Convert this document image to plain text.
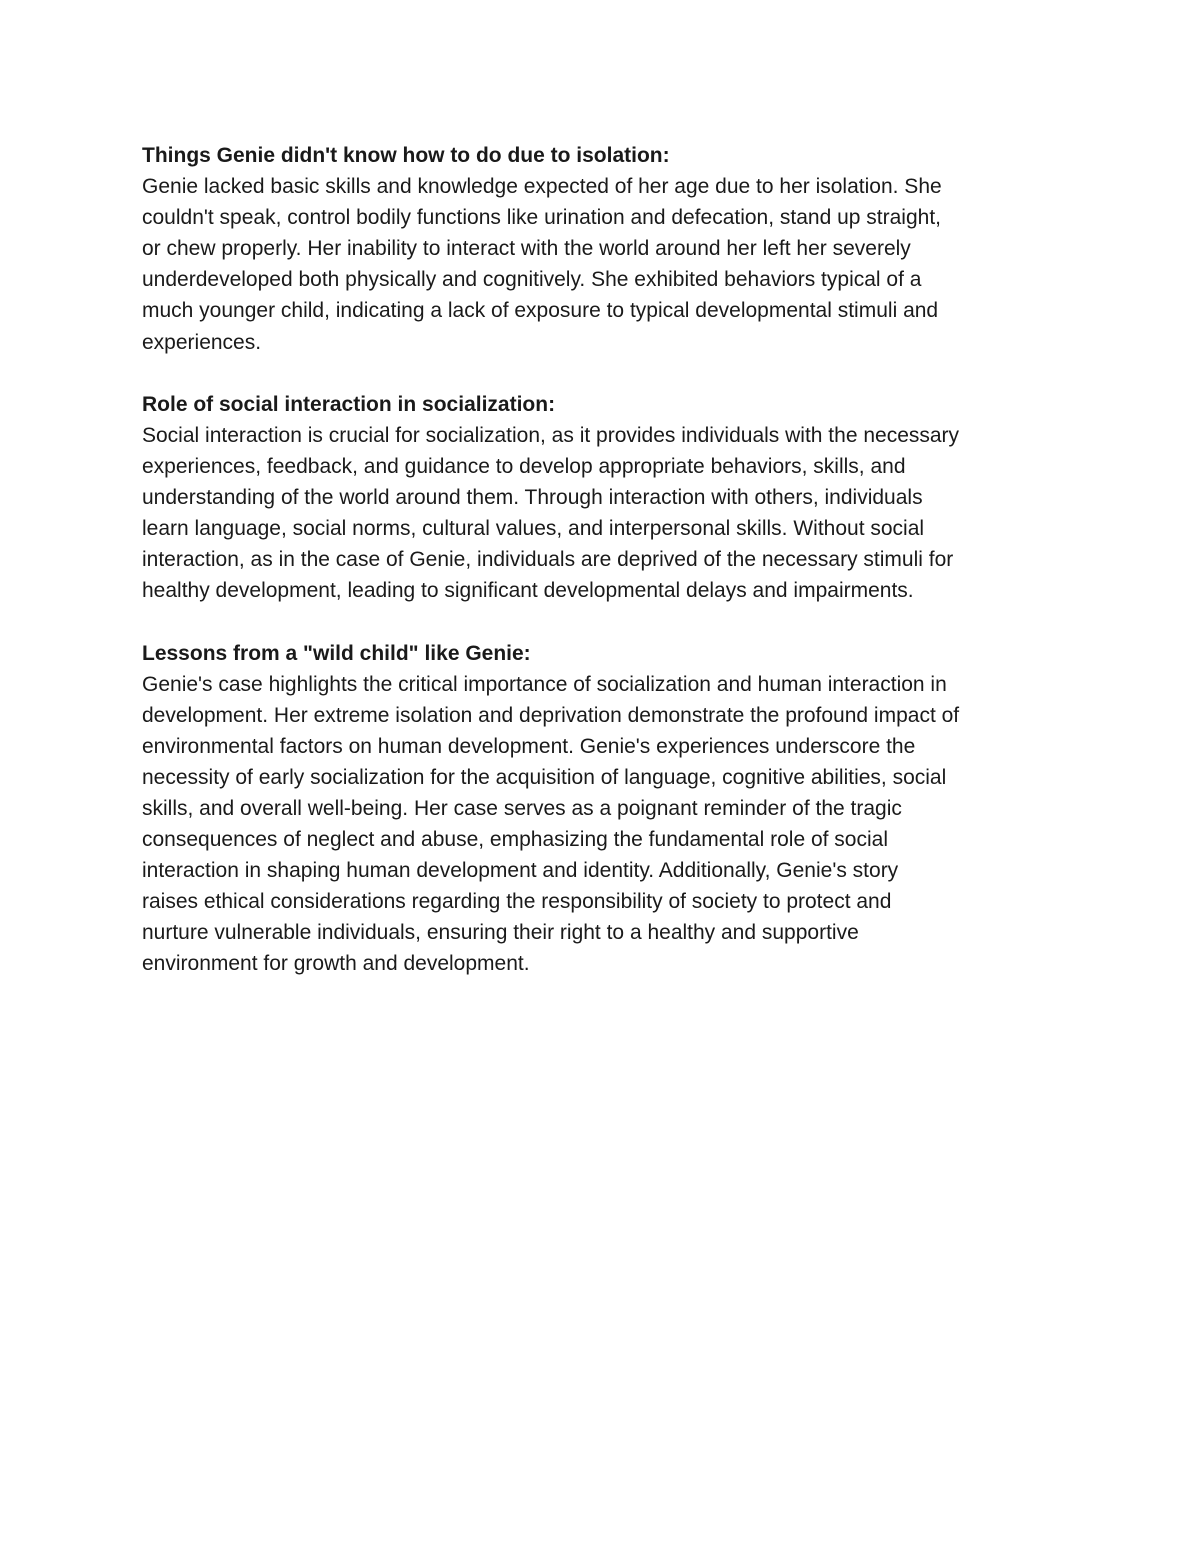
Things Genie didn't know how to do due to isolation:

Genie lacked basic skills and knowledge expected of her age due to her isolation. She
couldn't speak, control bodily functions like urination and defecation, stand up straight,
or chew properly. Her inability to interact with the world around her left her severely
underdeveloped both physically and cognitively. She exhibited behaviors typical of a
much younger child, indicating a lack of exposure to typical developmental stimuli and
experiences.

Role of social interaction in socialization:

Social interaction is crucial for socialization, as it provides individuals with the necessary
experiences, feedback, and guidance to develop appropriate behaviors, skills, and
understanding of the world around them. Through interaction with others, individuals
learn language, social norms, cultural values, and interpersonal skills. Without social
interaction, as in the case of Genie, individuals are deprived of the necessary stimuli for
healthy development, leading to significant developmental delays and impairments.

Lessons from a "wild child" like Genie:

Genie's case highlights the critical importance of socialization and human interaction in
development. Her extreme isolation and deprivation demonstrate the profound impact of
environmental factors on human development. Genie's experiences underscore the
necessity of early socialization for the acquisition of language, cognitive abilities, social
skills, and overall well-being. Her case serves as a poignant reminder of the tragic
consequences of neglect and abuse, emphasizing the fundamental role of social
interaction in shaping human development and identity. Additionally, Genie's story
raises ethical considerations regarding the responsibility of society to protect and
nurture vulnerable individuals, ensuring their right to a healthy and supportive
environment for growth and development.
